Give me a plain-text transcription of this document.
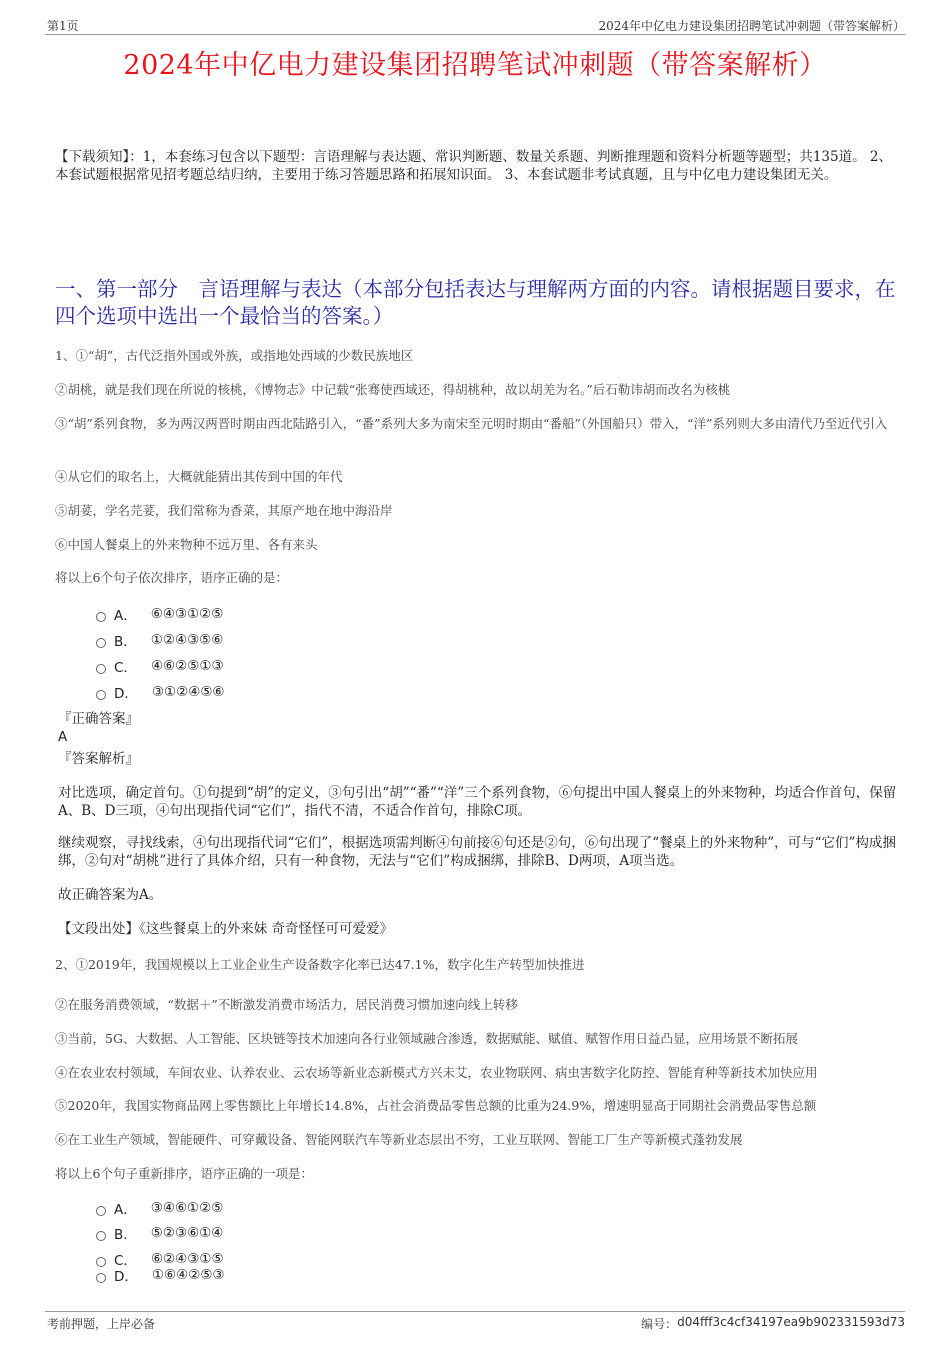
第1页	2024年中亿电力建设集团招聘笔试冲刺题（带答案解析）
2024年中亿电力建设集团招聘笔试冲刺题（带答案解析）
【下载须知】：1，本套练习包含以下题型：言语理解与表达题、常识判断题、数量关系题、判断推理题和资料分析题等题型；共135道。 2、本套试题根据常见招考题总结归纳，主要用于练习答题思路和拓展知识面。 3、本套试题非考试真题，且与中亿电力建设集团无关。
一、第一部分　言语理解与表达（本部分包括表达与理解两方面的内容。请根据题目要求，在四个选项中选出一个最恰当的答案。）
1、①“胡”，古代泛指外国或外族，或指地处西域的少数民族地区
②胡桃，就是我们现在所说的核桃，《博物志》中记载“张骞使西域还，得胡桃种，故以胡羌为名。”后石勒讳胡而改名为核桃
③“胡”系列食物，多为两汉两晋时期由西北陆路引入，“番”系列大多为南宋至元明时期由“番船”（外国船只）带入，“洋”系列则大多由清代乃至近代引入
④从它们的取名上，大概就能猜出其传到中国的年代
⑤胡荽，学名芫荽，我们常称为香菜，其原产地在地中海沿岸
⑥中国人餐桌上的外来物种不远万里、各有来头
将以上6个句子依次排序，语序正确的是：
A． ⑥④③①②⑤
B． ①②④③⑤⑥
C． ④⑥②⑤①③
D． ③①②④⑤⑥
『正确答案』
A
『答案解析』
对比选项，确定首句。①句提到“胡”的定义，③句引出“胡”“番”“洋”三个系列食物，⑥句提出中国人餐桌上的外来物种，均适合作首句，保留A、B、D三项，④句出现指代词“它们”，指代不清，不适合作首句，排除C项。
继续观察，寻找线索，④句出现指代词“它们”，根据选项需判断④句前接⑥句还是②句，⑥句出现了“餐桌上的外来物种”，可与“它们”构成捆绑，②句对“胡桃”进行了具体介绍，只有一种食物，无法与“它们”构成捆绑，排除B、D两项，A项当选。
故正确答案为A。
【文段出处】《这些餐桌上的外来妹 奇奇怪怪可可爱爱》
2、①2019年，我国规模以上工业企业生产设备数字化率已达47.1%，数字化生产转型加快推进
②在服务消费领域，“数据＋”不断激发消费市场活力，居民消费习惯加速向线上转移
③当前，5G、大数据、人工智能、区块链等技术加速向各行业领域融合渗透，数据赋能、赋值、赋智作用日益凸显，应用场景不断拓展
④在农业农村领域，车间农业、认养农业、云农场等新业态新模式方兴未艾，农业物联网、病虫害数字化防控、智能育种等新技术加快应用
⑤2020年，我国实物商品网上零售额比上年增长14.8%，占社会消费品零售总额的比重为24.9%，增速明显高于同期社会消费品零售总额
⑥在工业生产领域，智能硬件、可穿戴设备、智能网联汽车等新业态层出不穷，工业互联网、智能工厂生产等新模式蓬勃发展
将以上6个句子重新排序，语序正确的一项是：
A． ③④⑥①②⑤
B． ⑤②③⑥①④
C． ⑥②④③①⑤
D． ①⑥④②⑤③
考前押题，上岸必备	编号： d04fff3c4cf34197ea9b902331593d73
